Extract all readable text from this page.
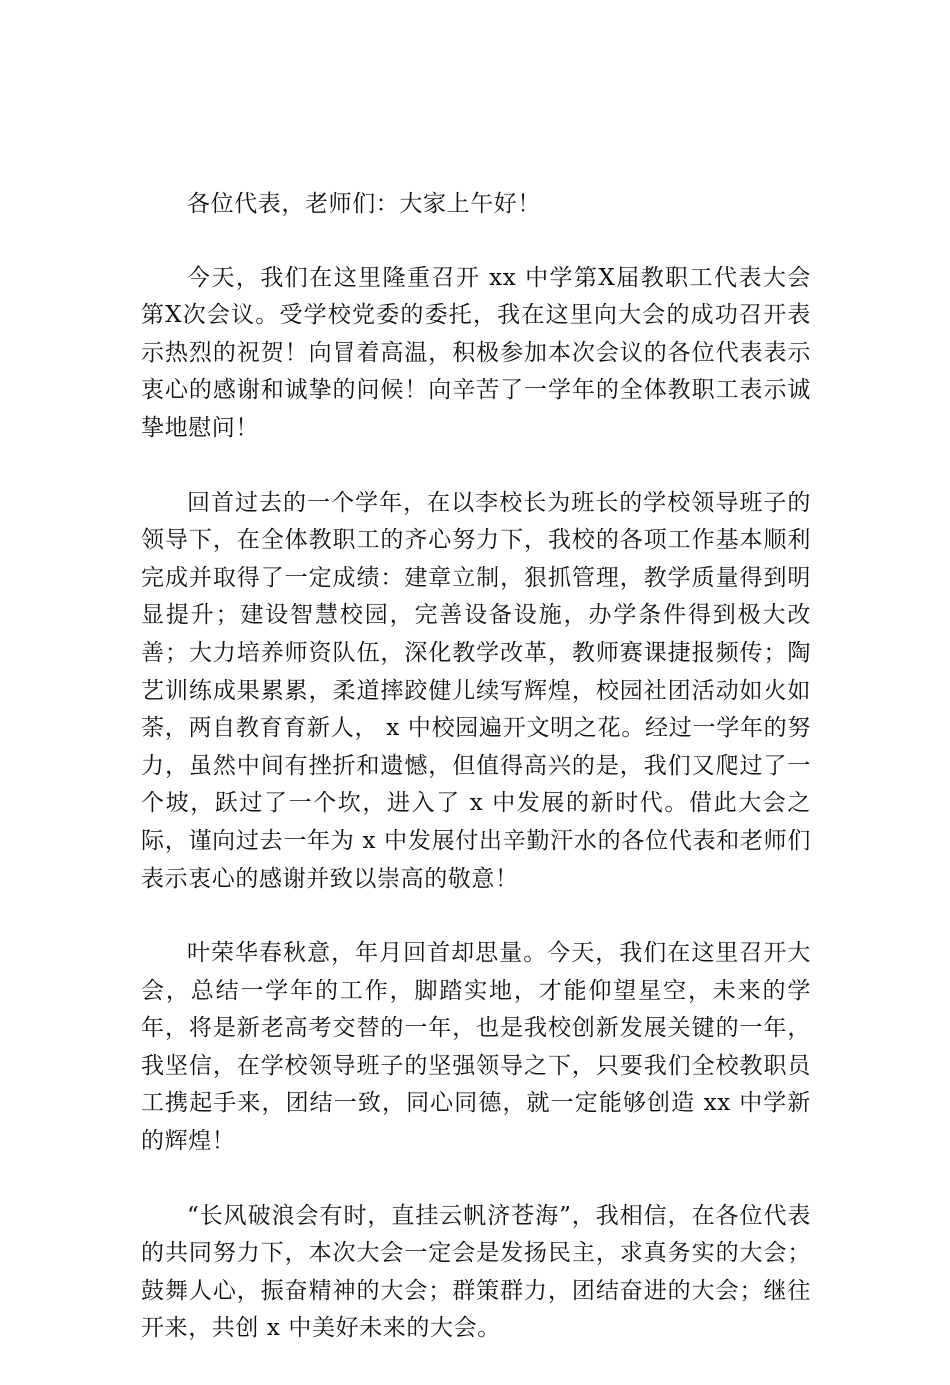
各位代表，老师们：大家上午好！

今天，我们在这里隆重召开 xx 中学第Ⅹ届教职工代表大会第Ⅹ次会议。受学校党委的委托，我在这里向大会的成功召开表示热烈的祝贺！向冒着高温，积极参加本次会议的各位代表表示衷心的感谢和诚挚的问候！向辛苦了一学年的全体教职工表示诚挚地慰问！

回首过去的一个学年，在以李校长为班长的学校领导班子的领导下，在全体教职工的齐心努力下，我校的各项工作基本顺利完成并取得了一定成绩：建章立制，狠抓管理，教学质量得到明显提升；建设智慧校园，完善设备设施，办学条件得到极大改善；大力培养师资队伍，深化教学改革，教师赛课捷报频传；陶艺训练成果累累，柔道摔跤健儿续写辉煌，校园社团活动如火如荼，两自教育育新人， x 中校园遍开文明之花。经过一学年的努力，虽然中间有挫折和遗憾，但值得高兴的是，我们又爬过了一个坡，跃过了一个坎，进入了 x 中发展的新时代。借此大会之际，谨向过去一年为 x 中发展付出辛勤汗水的各位代表和老师们表示衷心的感谢并致以崇高的敬意！

叶荣华春秋意，年月回首却思量。今天，我们在这里召开大会，总结一学年的工作，脚踏实地，才能仰望星空，未来的学年，将是新老高考交替的一年，也是我校创新发展关键的一年，我坚信，在学校领导班子的坚强领导之下，只要我们全校教职员工携起手来，团结一致，同心同德，就一定能够创造 xx 中学新的辉煌！

“长风破浪会有时，直挂云帆济苍海”，我相信，在各位代表的共同努力下，本次大会一定会是发扬民主，求真务实的大会；鼓舞人心，振奋精神的大会；群策群力，团结奋进的大会；继往开来，共创 x 中美好未来的大会。
